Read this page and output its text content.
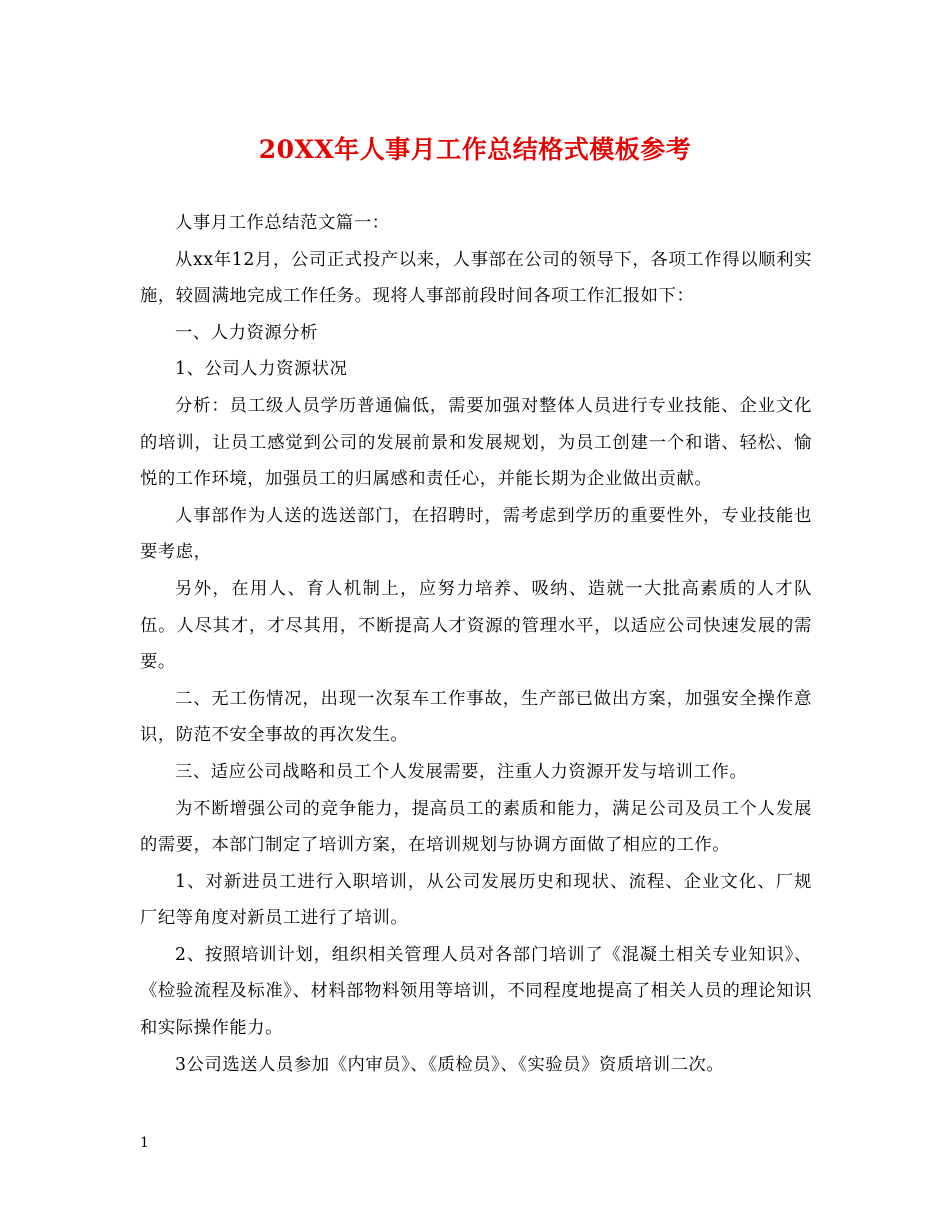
20XX年人事月工作总结格式模板参考

人事月工作总结范文篇一：

从xx年12月，公司正式投产以来，人事部在公司的领导下，各项工作得以顺利实施，较圆满地完成工作任务。现将人事部前段时间各项工作汇报如下：

一、人力资源分析

1、公司人力资源状况

分析：员工级人员学历普通偏低，需要加强对整体人员进行专业技能、企业文化的培训，让员工感觉到公司的发展前景和发展规划，为员工创建一个和谐、轻松、愉悦的工作环境，加强员工的归属感和责任心，并能长期为企业做出贡献。

人事部作为人送的选送部门，在招聘时，需考虑到学历的重要性外，专业技能也要考虑，

另外，在用人、育人机制上，应努力培养、吸纳、造就一大批高素质的人才队伍。人尽其才，才尽其用，不断提高人才资源的管理水平，以适应公司快速发展的需要。

二、无工伤情况，出现一次泵车工作事故，生产部已做出方案，加强安全操作意识，防范不安全事故的再次发生。

三、适应公司战略和员工个人发展需要，注重人力资源开发与培训工作。

为不断增强公司的竞争能力，提高员工的素质和能力，满足公司及员工个人发展的需要，本部门制定了培训方案，在培训规划与协调方面做了相应的工作。

1、对新进员工进行入职培训，从公司发展历史和现状、流程、企业文化、厂规厂纪等角度对新员工进行了培训。

2、按照培训计划，组织相关管理人员对各部门培训了《混凝土相关专业知识》、《检验流程及标准》、材料部物料领用等培训，不同程度地提高了相关人员的理论知识和实际操作能力。

3公司选送人员参加《内审员》、《质检员》、《实验员》资质培训二次。

1
